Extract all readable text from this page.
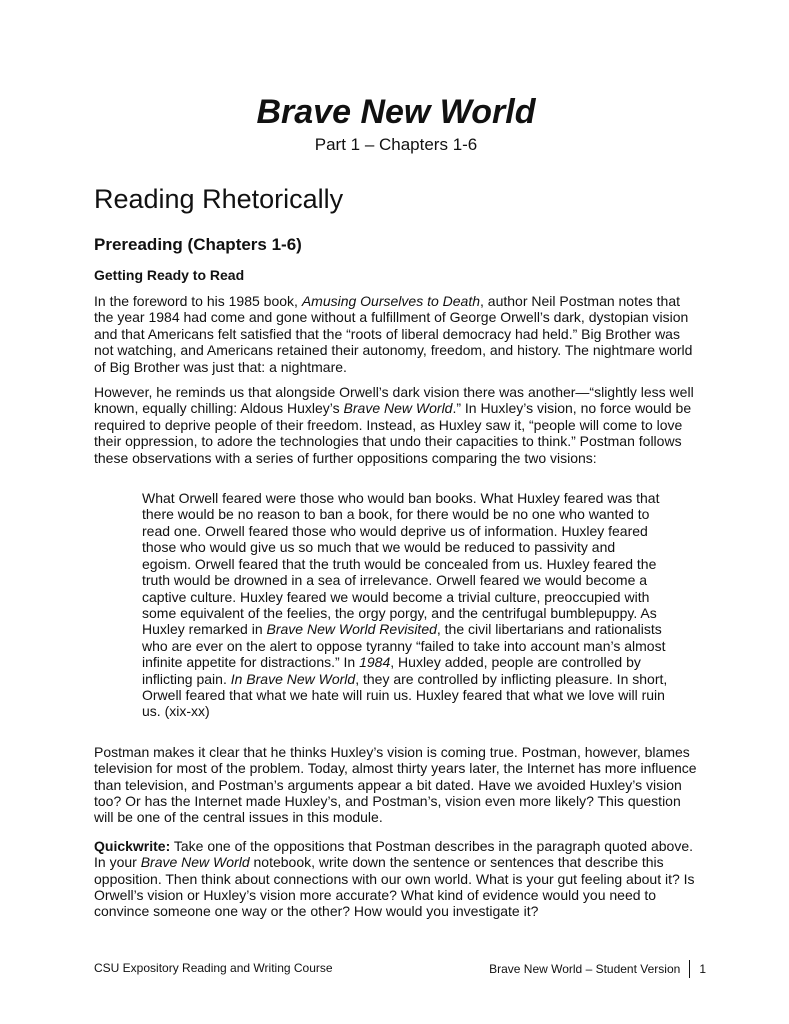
Brave New World
Part 1 – Chapters 1-6
Reading Rhetorically
Prereading (Chapters 1-6)
Getting Ready to Read

In the foreword to his 1985 book, Amusing Ourselves to Death, author Neil Postman notes that the year 1984 had come and gone without a fulfillment of George Orwell’s dark, dystopian vision and that Americans felt satisfied that the “roots of liberal democracy had held.” Big Brother was not watching, and Americans retained their autonomy, freedom, and history. The nightmare world of Big Brother was just that: a nightmare.

However, he reminds us that alongside Orwell’s dark vision there was another—“slightly less well known, equally chilling: Aldous Huxley’s Brave New World.” In Huxley’s vision, no force would be required to deprive people of their freedom. Instead, as Huxley saw it, “people will come to love their oppression, to adore the technologies that undo their capacities to think.” Postman follows these observations with a series of further oppositions comparing the two visions:

What Orwell feared were those who would ban books. What Huxley feared was that there would be no reason to ban a book, for there would be no one who wanted to read one. Orwell feared those who would deprive us of information. Huxley feared those who would give us so much that we would be reduced to passivity and egoism. Orwell feared that the truth would be concealed from us. Huxley feared the truth would be drowned in a sea of irrelevance. Orwell feared we would become a captive culture. Huxley feared we would become a trivial culture, preoccupied with some equivalent of the feelies, the orgy porgy, and the centrifugal bumblepuppy. As Huxley remarked in Brave New World Revisited, the civil libertarians and rationalists who are ever on the alert to oppose tyranny “failed to take into account man’s almost infinite appetite for distractions.” In 1984, Huxley added, people are controlled by inflicting pain. In Brave New World, they are controlled by inflicting pleasure. In short, Orwell feared that what we hate will ruin us. Huxley feared that what we love will ruin us. (xix-xx)

Postman makes it clear that he thinks Huxley’s vision is coming true. Postman, however, blames television for most of the problem. Today, almost thirty years later, the Internet has more influence than television, and Postman’s arguments appear a bit dated. Have we avoided Huxley’s vision too? Or has the Internet made Huxley’s, and Postman’s, vision even more likely? This question will be one of the central issues in this module.

Quickwrite: Take one of the oppositions that Postman describes in the paragraph quoted above. In your Brave New World notebook, write down the sentence or sentences that describe this opposition. Then think about connections with our own world. What is your gut feeling about it? Is Orwell’s vision or Huxley’s vision more accurate? What kind of evidence would you need to convince someone one way or the other? How would you investigate it?

CSU Expository Reading and Writing Course	Brave New World – Student Version 1
